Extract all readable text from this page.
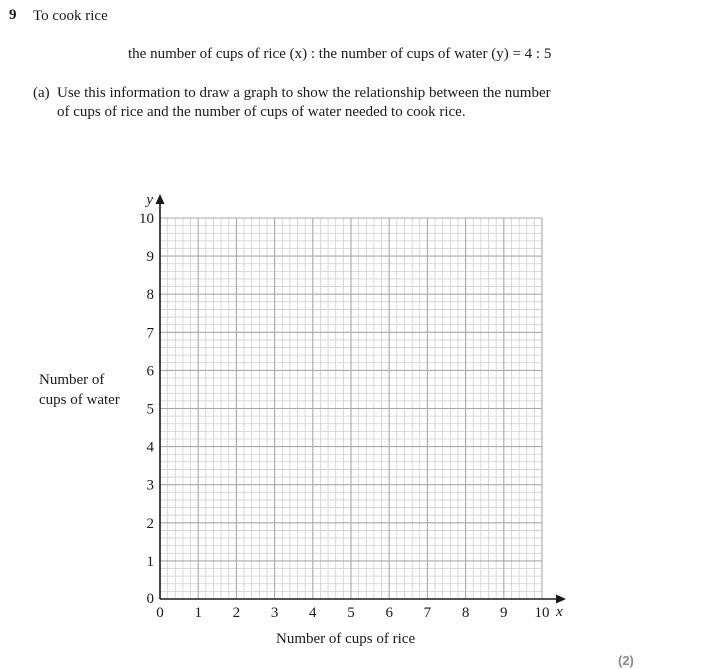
9 To cook rice
the number of cups of rice (x) : the number of cups of water (y) = 4 : 5
(a) Use this information to draw a graph to show the relationship between the number
of cups of rice and the number of cups of water needed to cook rice.
Number of
cups of water
Number of cups of rice
0 1 2 3 4 5 6 7 8 9 10 x
1
2
3
4
5
6
7
8
9
10
0
y
(2)
